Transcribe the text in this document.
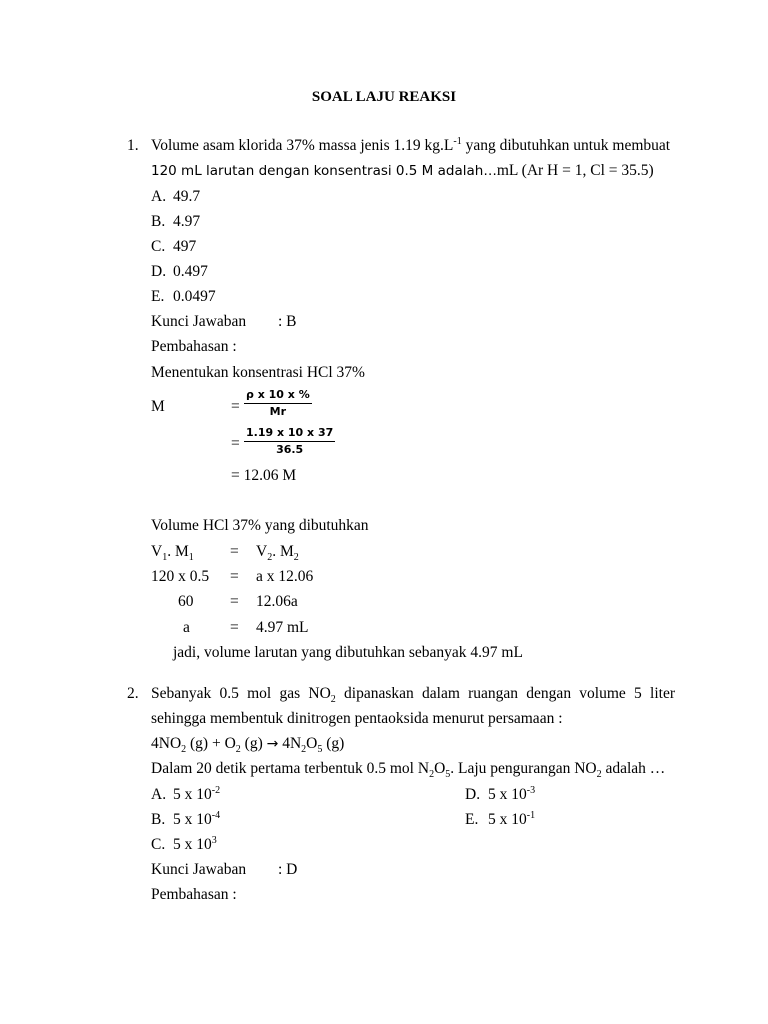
SOAL LAJU REAKSI
1. Volume asam klorida 37% massa jenis 1.19 $kg.L^{-1}$ yang dibutuhkan untuk membuat
120 mL larutan dengan konsentrasi 0.5 M adalah…mL (Ar H = 1, Cl = 35.5)
A. 49.7
B. 4.97
C. 497
D. 0.497
E. 0.0497
Kunci Jawaban : B
Pembahasan :
Menentukan konsentrasi HCl 37%
M	= $\frac{\text{ρ x 10 x \%}}{Mr}$
= $\frac{1.19 x 10 x 37}{36.5}$
= 12.06 M
Volume HCl 37% yang dibutuhkan
$V_1$. $M_1 = V_2$. $M_2$
120 x 0.5 = a x 12.06
60 = 12.06a
a	= 4.97 mL
jadi, volume larutan yang dibutuhkan sebanyak 4.97 mL
2. Sebanyak 0.5 mol gas $NO_2$ dipanaskan dalam ruangan dengan volume 5 liter
sehingga membentuk dinitrogen pentaoksida menurut persamaan :
$4NO_2$ $(g) + O_2$ $(g) \to 4N_2O_5$ (g)
Dalam 20 detik pertama terbentuk 0.5 mol $N_2O_5$. Laju pengurangan $NO_2$ adalah …
A. 5 x $10^{-2}$	D. 5 x $10^{-3}$
B. 5 x $10^{-4}$	E. 5 x $10^{-1}$
C. 5 x $10^3$
Kunci Jawaban : D
Pembahasan :
